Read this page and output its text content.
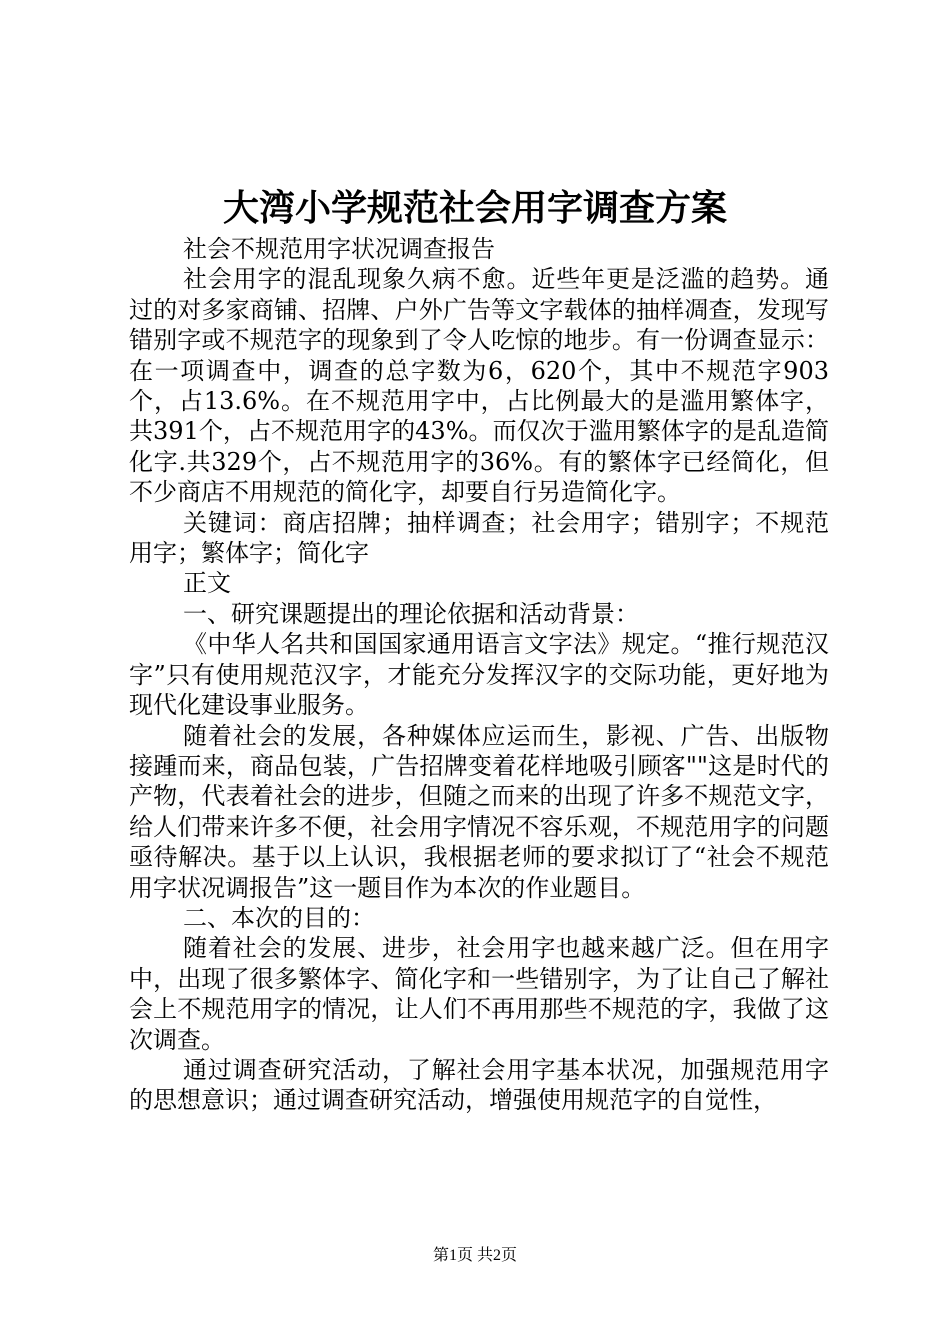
大湾小学规范社会用字调查方案

社会不规范用字状况调查报告

社会用字的混乱现象久病不愈。近些年更是泛滥的趋势。通过的对多家商铺、招牌、户外广告等文字载体的抽样凋查，发现写错别字或不规范字的现象到了令人吃惊的地步。有一份调查显示：在一项调查中，调查的总字数为6，620个，其中不规范字903个，占13.6%。在不规范用字中，占比例最大的是滥用繁体字，共391个，占不规范用字的43%。而仅次于滥用繁体字的是乱造简化字.共329个，占不规范用字的36%。有的繁体字已经简化，但不少商店不用规范的简化字，却要自行另造简化字。

关键词：商店招牌；抽样调查；社会用字；错别字；不规范用字；繁体字；简化字

正文

一、研究课题提出的理论依据和活动背景：

《中华人名共和国国家通用语言文字法》规定。“推行规范汉字”只有使用规范汉字，才能充分发挥汉字的交际功能，更好地为现代化建设事业服务。

随着社会的发展，各种媒体应运而生，影视、广告、出版物接踵而来，商品包装，广告招牌变着花样地吸引顾客""这是时代的产物，代表着社会的进步，但随之而来的出现了许多不规范文字，给人们带来许多不便，社会用字情况不容乐观，不规范用字的问题亟待解决。基于以上认识，我根据老师的要求拟订了“社会不规范用字状况调报告”这一题目作为本次的作业题目。

二、本次的目的：

随着社会的发展、进步，社会用字也越来越广泛。但在用字中，出现了很多繁体字、简化字和一些错别字，为了让自己了解社会上不规范用字的情况，让人们不再用那些不规范的字，我做了这次调查。

通过调查研究活动，了解社会用字基本状况，加强规范用字的思想意识；通过调查研究活动，增强使用规范字的自觉性，

第1页 共2页
